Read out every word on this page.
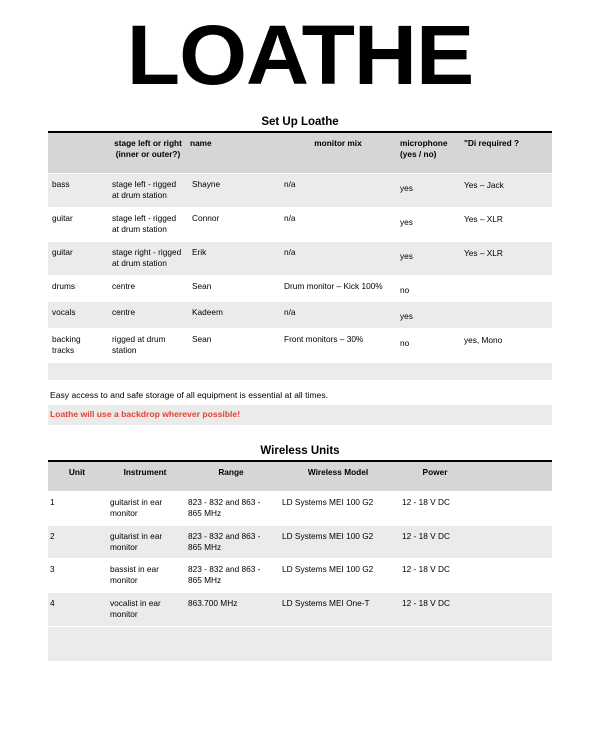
LOATHE
Set Up Loathe
	stage left or right (inner or outer?)	name	monitor mix	microphone (yes / no)	"Di required ?
bass	stage left - rigged at drum station	Shayne	n/a	yes	Yes – Jack
guitar	stage left - rigged at drum station	Connor	n/a	yes	Yes – XLR
guitar	stage right - rigged at drum station	Erik	n/a	yes	Yes – XLR
drums	centre	Sean	Drum monitor – Kick 100%	no	
vocals	centre	Kadeem	n/a	yes	
backing tracks	rigged at drum station	Sean	Front monitors – 30%	no	yes, Mono

Easy access to and safe storage of all equipment is essential at all times.

Loathe will use a backdrop wherever possible!

Wireless Units
Unit	Instrument	Range	Wireless Model	Power	
1	guitarist in ear monitor	823 - 832 and 863 - 865 MHz	LD Systems MEI 100 G2	12 - 18 V DC	
2	guitarist in ear monitor	823 - 832 and 863 - 865 MHz	LD Systems MEI 100 G2	12 - 18 V DC	
3	bassist in ear monitor	823 - 832 and 863 - 865 MHz	LD Systems MEI 100 G2	12 - 18 V DC	
4	vocalist in ear monitor	863.700 MHz	LD Systems MEI One-T	12 - 18 V DC	
